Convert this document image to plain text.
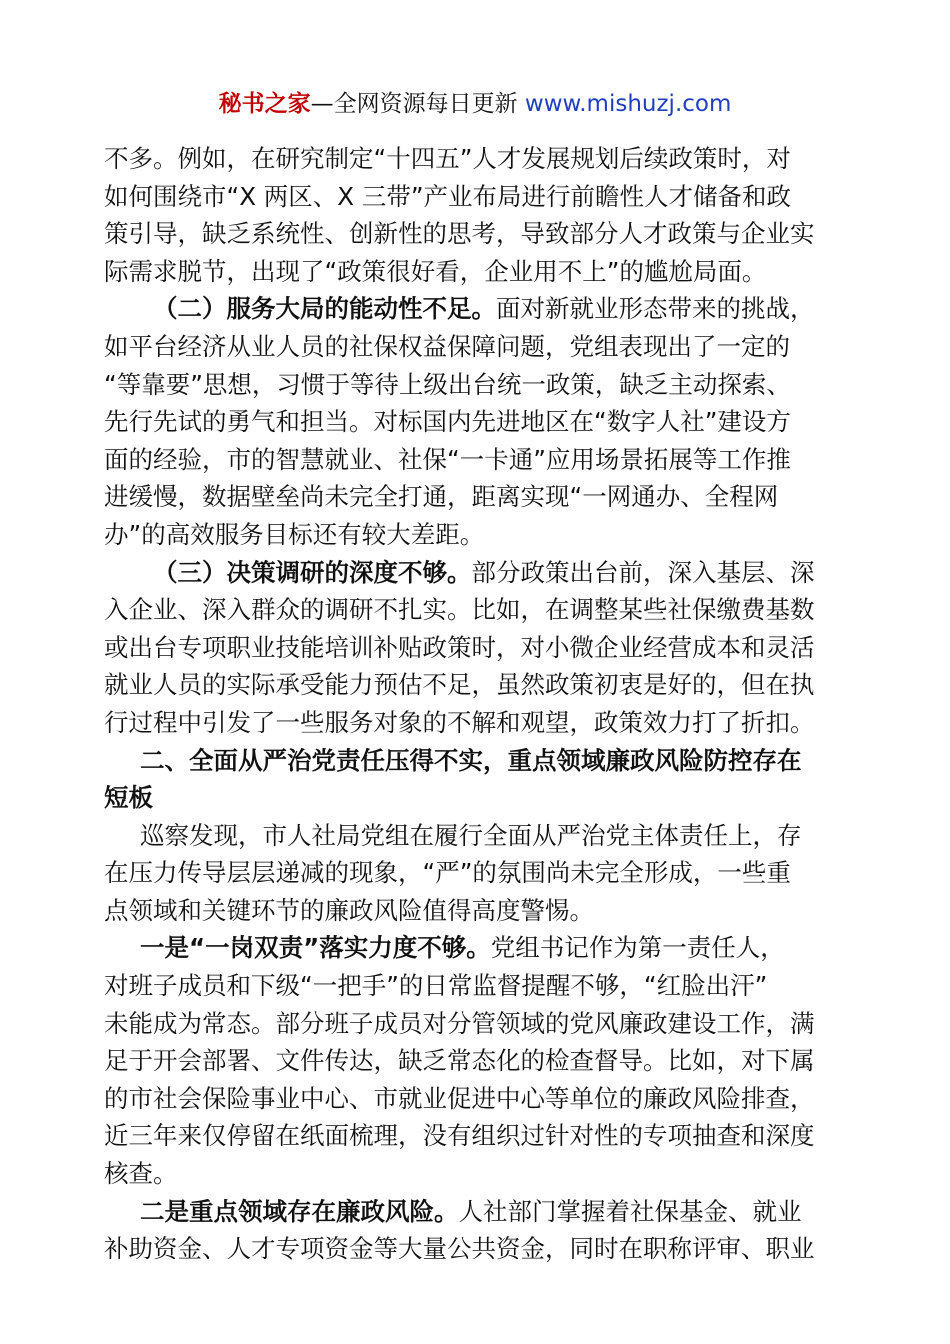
秘书之家—全网资源每日更新 www.mishuzj.com
不多。例如，在研究制定“十四五”人才发展规划后续政策时，对
如何围绕市“X 两区、X 三带”产业布局进行前瞻性人才储备和政
策引导，缺乏系统性、创新性的思考，导致部分人才政策与企业实
际需求脱节，出现了“政策很好看，企业用不上”的尴尬局面。
（二）服务大局的能动性不足。面对新就业形态带来的挑战，
如平台经济从业人员的社保权益保障问题，党组表现出了一定的
“等靠要”思想，习惯于等待上级出台统一政策，缺乏主动探索、
先行先试的勇气和担当。对标国内先进地区在“数字人社”建设方
面的经验，市的智慧就业、社保“一卡通”应用场景拓展等工作推
进缓慢，数据壁垒尚未完全打通，距离实现“一网通办、全程网
办”的高效服务目标还有较大差距。
（三）决策调研的深度不够。部分政策出台前，深入基层、深
入企业、深入群众的调研不扎实。比如，在调整某些社保缴费基数
或出台专项职业技能培训补贴政策时，对小微企业经营成本和灵活
就业人员的实际承受能力预估不足，虽然政策初衷是好的，但在执
行过程中引发了一些服务对象的不解和观望，政策效力打了折扣。
二、全面从严治党责任压得不实，重点领域廉政风险防控存在
短板
巡察发现，市人社局党组在履行全面从严治党主体责任上，存
在压力传导层层递减的现象，“严”的氛围尚未完全形成，一些重
点领域和关键环节的廉政风险值得高度警惕。
一是“一岗双责”落实力度不够。党组书记作为第一责任人，
对班子成员和下级“一把手”的日常监督提醒不够，“红脸出汗”
未能成为常态。部分班子成员对分管领域的党风廉政建设工作，满
足于开会部署、文件传达，缺乏常态化的检查督导。比如，对下属
的市社会保险事业中心、市就业促进中心等单位的廉政风险排查，
近三年来仅停留在纸面梳理，没有组织过针对性的专项抽查和深度
核查。
二是重点领域存在廉政风险。人社部门掌握着社保基金、就业
补助资金、人才专项资金等大量公共资金，同时在职称评审、职业
